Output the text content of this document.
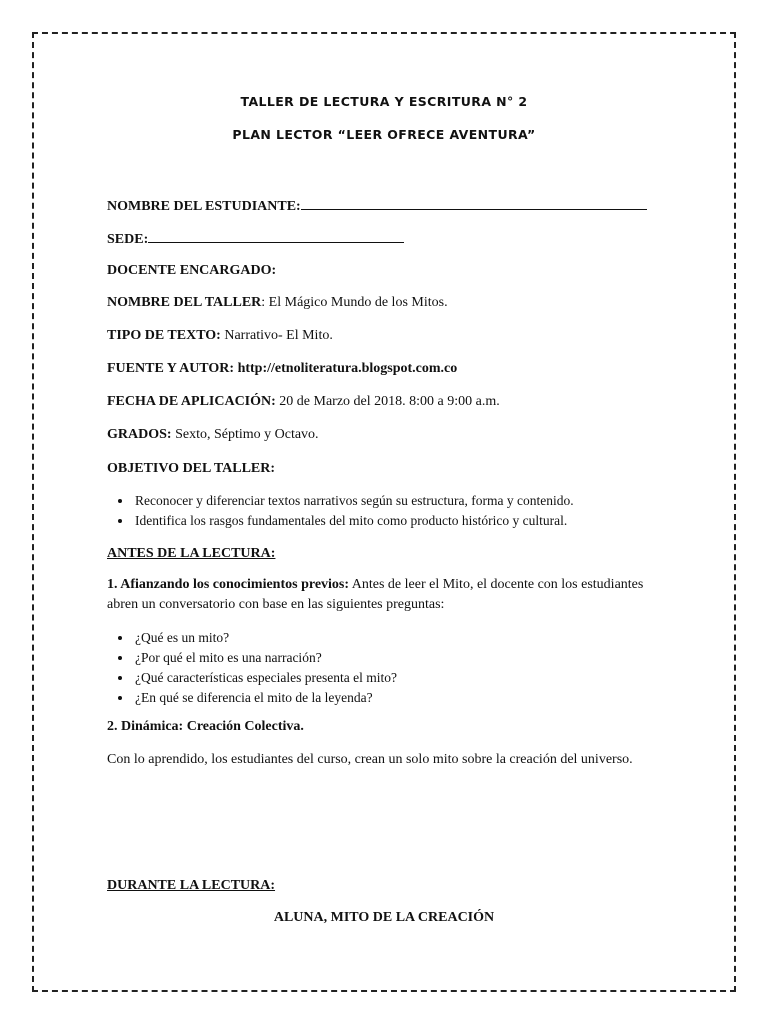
TALLER DE LECTURA Y ESCRITURA N° 2
PLAN LECTOR “LEER OFRECE AVENTURA”
NOMBRE DEL ESTUDIANTE:
SEDE:
DOCENTE ENCARGADO:
NOMBRE DEL TALLER: El Mágico Mundo de los Mitos.
TIPO DE TEXTO: Narrativo- El Mito.
FUENTE Y AUTOR: http://etnoliteratura.blogspot.com.co
FECHA DE APLICACIÓN: 20 de Marzo del 2018. 8:00 a 9:00 a.m.
GRADOS: Sexto, Séptimo y Octavo.
OBJETIVO DEL TALLER:
• Reconocer y diferenciar textos narrativos según su estructura, forma y contenido.
• Identifica los rasgos fundamentales del mito como producto histórico y cultural.
ANTES DE LA LECTURA:
1. Afianzando los conocimientos previos: Antes de leer el Mito, el docente con los estudiantes abren un conversatorio con base en las siguientes preguntas:
• ¿Qué es un mito?
• ¿Por qué el mito es una narración?
• ¿Qué características especiales presenta el mito?
• ¿En qué se diferencia el mito de la leyenda?
2. Dinámica: Creación Colectiva.
Con lo aprendido, los estudiantes del curso, crean un solo mito sobre la creación del universo.
DURANTE LA LECTURA:
ALUNA, MITO DE LA CREACIÓN
